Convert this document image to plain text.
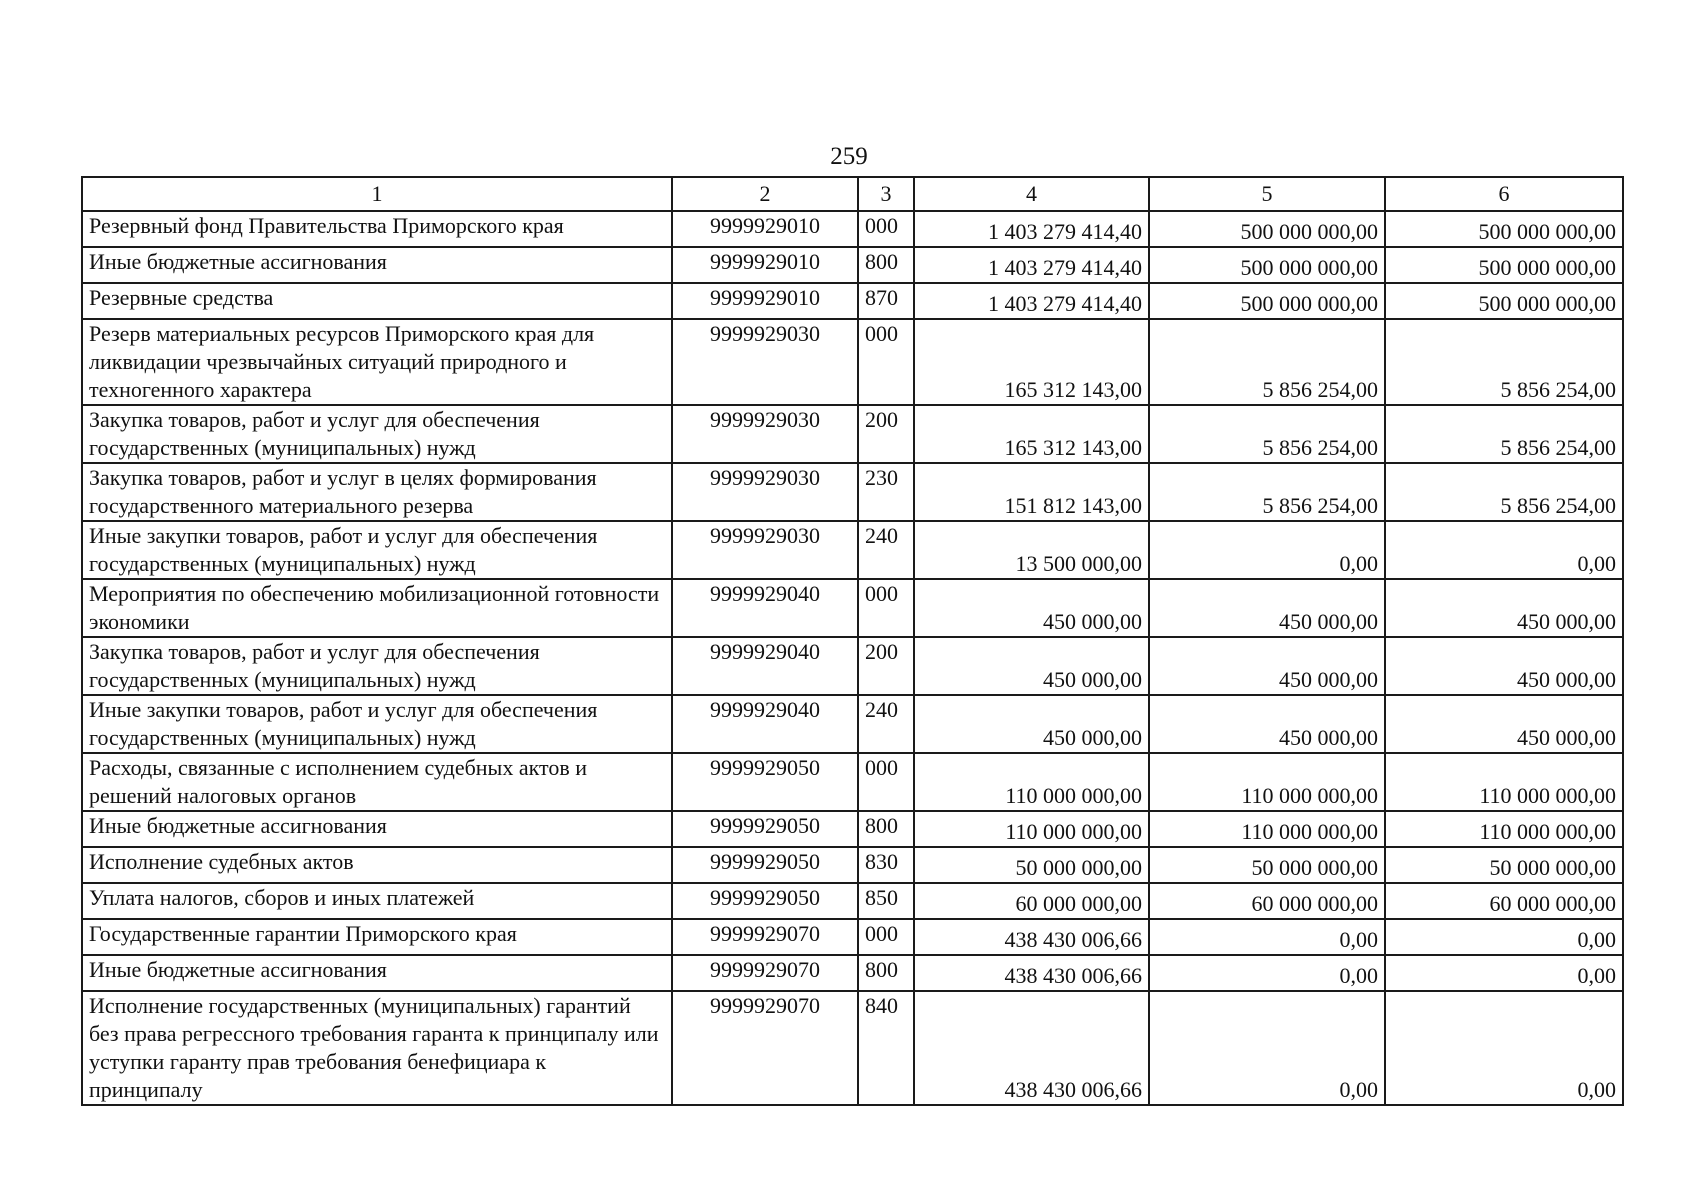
259
1	2	3	4	5	6
Резервный фонд Правительства Приморского края	9999929010	000	1 403 279 414,40	500 000 000,00	500 000 000,00
Иные бюджетные ассигнования	9999929010	800	1 403 279 414,40	500 000 000,00	500 000 000,00
Резервные средства	9999929010	870	1 403 279 414,40	500 000 000,00	500 000 000,00
Резерв материальных ресурсов Приморского края для ликвидации чрезвычайных ситуаций природного и техногенного характера	9999929030	000	165 312 143,00	5 856 254,00	5 856 254,00
Закупка товаров, работ и услуг для обеспечения государственных (муниципальных) нужд	9999929030	200	165 312 143,00	5 856 254,00	5 856 254,00
Закупка товаров, работ и услуг в целях формирования государственного материального резерва	9999929030	230	151 812 143,00	5 856 254,00	5 856 254,00
Иные закупки товаров, работ и услуг для обеспечения государственных (муниципальных) нужд	9999929030	240	13 500 000,00	0,00	0,00
Мероприятия по обеспечению мобилизационной готовности экономики	9999929040	000	450 000,00	450 000,00	450 000,00
Закупка товаров, работ и услуг для обеспечения государственных (муниципальных) нужд	9999929040	200	450 000,00	450 000,00	450 000,00
Иные закупки товаров, работ и услуг для обеспечения государственных (муниципальных) нужд	9999929040	240	450 000,00	450 000,00	450 000,00
Расходы, связанные с исполнением судебных актов и решений налоговых органов	9999929050	000	110 000 000,00	110 000 000,00	110 000 000,00
Иные бюджетные ассигнования	9999929050	800	110 000 000,00	110 000 000,00	110 000 000,00
Исполнение судебных актов	9999929050	830	50 000 000,00	50 000 000,00	50 000 000,00
Уплата налогов, сборов и иных платежей	9999929050	850	60 000 000,00	60 000 000,00	60 000 000,00
Государственные гарантии Приморского края	9999929070	000	438 430 006,66	0,00	0,00
Иные бюджетные ассигнования	9999929070	800	438 430 006,66	0,00	0,00
Исполнение государственных (муниципальных) гарантий без права регрессного требования гаранта к принципалу или уступки гаранту прав требования бенефициара к принципалу	9999929070	840	438 430 006,66	0,00	0,00
